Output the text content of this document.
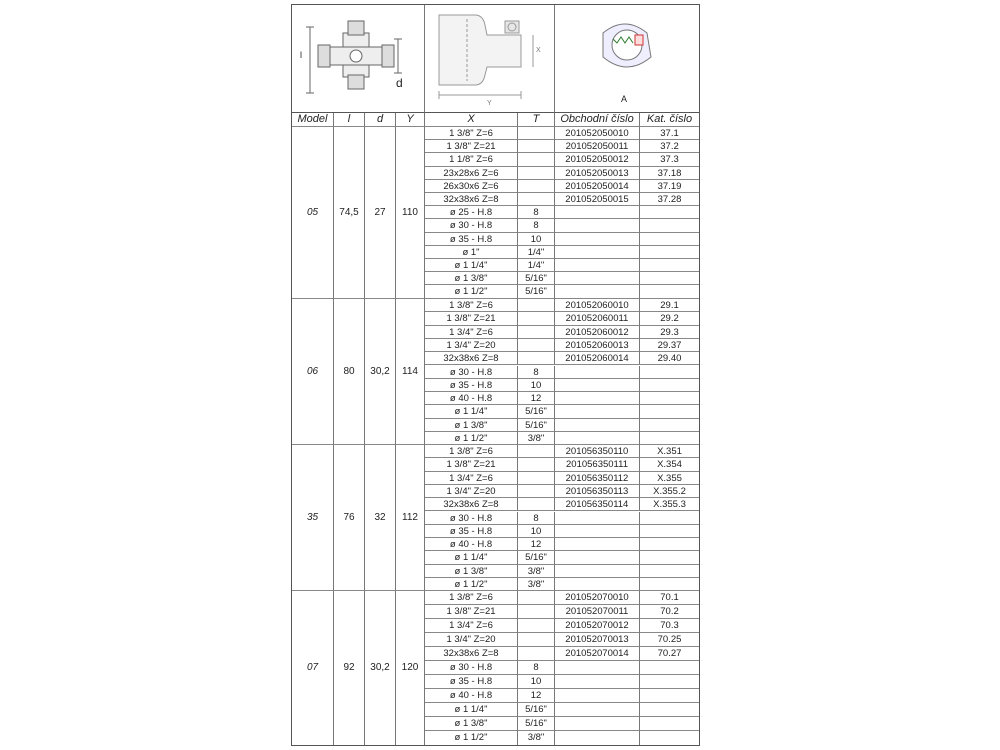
l
d
X
Y	A
Model	l	d	Y	X	T	Obchodní číslo	Kat. číslo
05	74,5	27	110
1 3/8" Z=6	201052050010	37.1
1 3/8" Z=21	201052050011	37.2
1 1/8" Z=6	201052050012	37.3
23x28x6 Z=6	201052050013	37.18
26x30x6 Z=6	201052050014	37.19
32x38x6 Z=8	201052050015	37.28
ø 25 - H.8	8
ø 30 - H.8	8
ø 35 - H.8	10
ø 1"	1/4"
ø 1 1/4"	1/4"
ø 1 3/8"	5/16"
ø 1 1/2"	5/16"
06	80	30,2	114
1 3/8" Z=6	201052060010	29.1
1 3/8" Z=21	201052060011	29.2
1 3/4" Z=6	201052060012	29.3
1 3/4" Z=20	201052060013	29.37
32x38x6 Z=8	201052060014	29.40
ø 30 - H.8	8
ø 35 - H.8	10
ø 40 - H.8	12
ø 1 1/4"	5/16"
ø 1 3/8"	5/16"
ø 1 1/2"	3/8"
35	76	32	112
1 3/8" Z=6	201056350110	X.351
1 3/8" Z=21	201056350111	X.354
1 3/4" Z=6	201056350112	X.355
1 3/4" Z=20	201056350113	X.355.2
32x38x6 Z=8	201056350114	X.355.3
ø 30 - H.8	8
ø 35 - H.8	10
ø 40 - H.8	12
ø 1 1/4"	5/16"
ø 1 3/8"	3/8"
ø 1 1/2"	3/8"
07	92	30,2	120
1 3/8" Z=6	201052070010	70.1
1 3/8" Z=21	201052070011	70.2
1 3/4" Z=6	201052070012	70.3
1 3/4" Z=20	201052070013	70.25
32x38x6 Z=8	201052070014	70.27
ø 30 - H.8	8
ø 35 - H.8	10
ø 40 - H.8	12
ø 1 1/4"	5/16"
ø 1 3/8"	5/16"
ø 1 1/2"	3/8"
